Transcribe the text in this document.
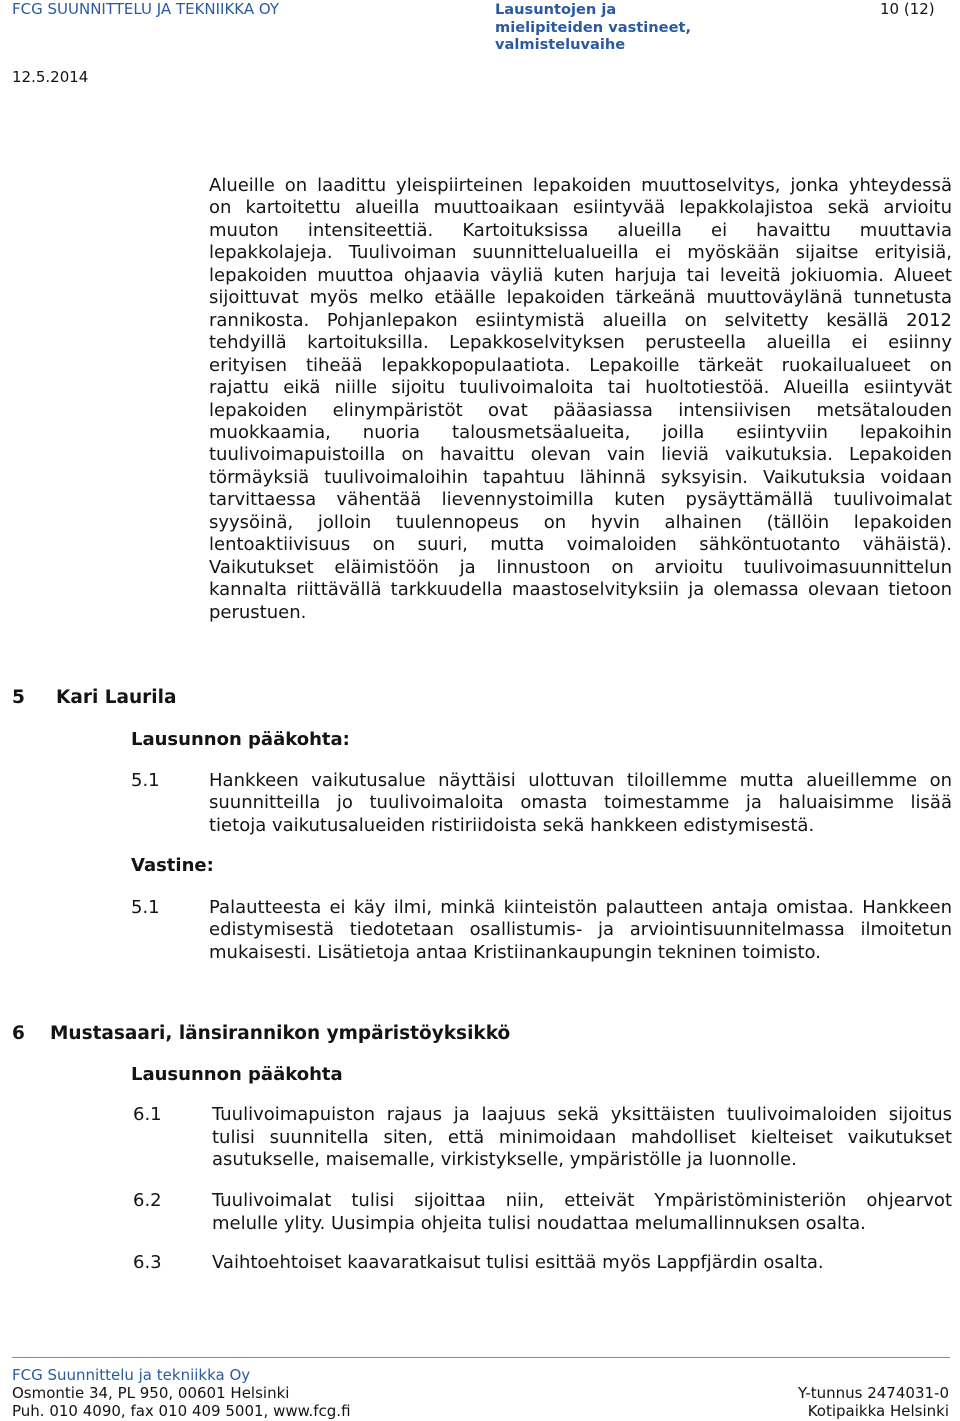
FCG SUUNNITTELU JA TEKNIIKKA OY	Lausuntojen ja
mielipiteiden vastineet,
valmisteluvaihe
10 (12)
12.5.2014
Alueille on laadittu yleispiirteinen lepakoiden muuttoselvitys, jonka yhteydessä
on kartoitettu alueilla muuttoaikaan esiintyvää lepakkolajistoa sekä arvioitu
muuton intensiteettiä. Kartoituksissa alueilla ei havaittu muuttavia
lepakkolajeja. Tuulivoiman suunnittelualueilla ei myöskään sijaitse erityisiä,
lepakoiden muuttoa ohjaavia väyliä kuten harjuja tai leveitä jokiuomia. Alueet
sijoittuvat myös melko etäälle lepakoiden tärkeänä muuttoväylänä tunnetusta
rannikosta. Pohjanlepakon esiintymistä alueilla on selvitetty kesällä 2012
tehdyillä kartoituksilla. Lepakkoselvityksen perusteella alueilla ei esiinny
erityisen tiheää lepakkopopulaatiota. Lepakoille tärkeät ruokailualueet on
rajattu eikä niille sijoitu tuulivoimaloita tai huoltotiestöä. Alueilla esiintyvät
lepakoiden elinympäristöt ovat pääasiassa intensiivisen metsätalouden
muokkaamia, nuoria talousmetsäalueita, joilla esiintyviin lepakoihin
tuulivoimapuistoilla on havaittu olevan vain lieviä vaikutuksia. Lepakoiden
törmäyksiä tuulivoimaloihin tapahtuu lähinnä syksyisin. Vaikutuksia voidaan
tarvittaessa vähentää lievennystoimilla kuten pysäyttämällä tuulivoimalat
syysöinä, jolloin tuulennopeus on hyvin alhainen (tällöin lepakoiden
lentoaktiivisuus on suuri, mutta voimaloiden sähköntuotanto vähäistä).
Vaikutukset eläimistöön ja linnustoon on arvioitu tuulivoimasuunnittelun
kannalta riittävällä tarkkuudella maastoselvityksiin ja olemassa olevaan tietoon
perustuen.
5 Kari Laurila
Lausunnon pääkohta:
5.1	Hankkeen vaikutusalue näyttäisi ulottuvan tiloillemme mutta alueillemme on
suunnitteilla jo tuulivoimaloita omasta toimestamme ja haluaisimme lisää
tietoja vaikutusalueiden ristiriidoista sekä hankkeen edistymisestä.
Vastine:
5.1	Palautteesta ei käy ilmi, minkä kiinteistön palautteen antaja omistaa. Hankkeen
edistymisestä tiedotetaan osallistumis- ja arviointisuunnitelmassa ilmoitetun
mukaisesti. Lisätietoja antaa Kristiinankaupungin tekninen toimisto.
6 Mustasaari, länsirannikon ympäristöyksikkö
Lausunnon pääkohta
6.1	Tuulivoimapuiston rajaus ja laajuus sekä yksittäisten tuulivoimaloiden sijoitus
tulisi suunnitella siten, että minimoidaan mahdolliset kielteiset vaikutukset
asutukselle, maisemalle, virkistykselle, ympäristölle ja luonnolle.
6.2	Tuulivoimalat tulisi sijoittaa niin, etteivät Ympäristöministeriön ohjearvot
melulle ylity. Uusimpia ohjeita tulisi noudattaa melumallinnuksen osalta.
6.3	Vaihtoehtoiset kaavaratkaisut tulisi esittää myös Lappfjärdin osalta.
FCG Suunnittelu ja tekniikka Oy
Osmontie 34, PL 950, 00601 Helsinki
Puh. 010 4090, fax 010 409 5001, www.fcg.fi
Y-tunnus 2474031-0
Kotipaikka Helsinki
